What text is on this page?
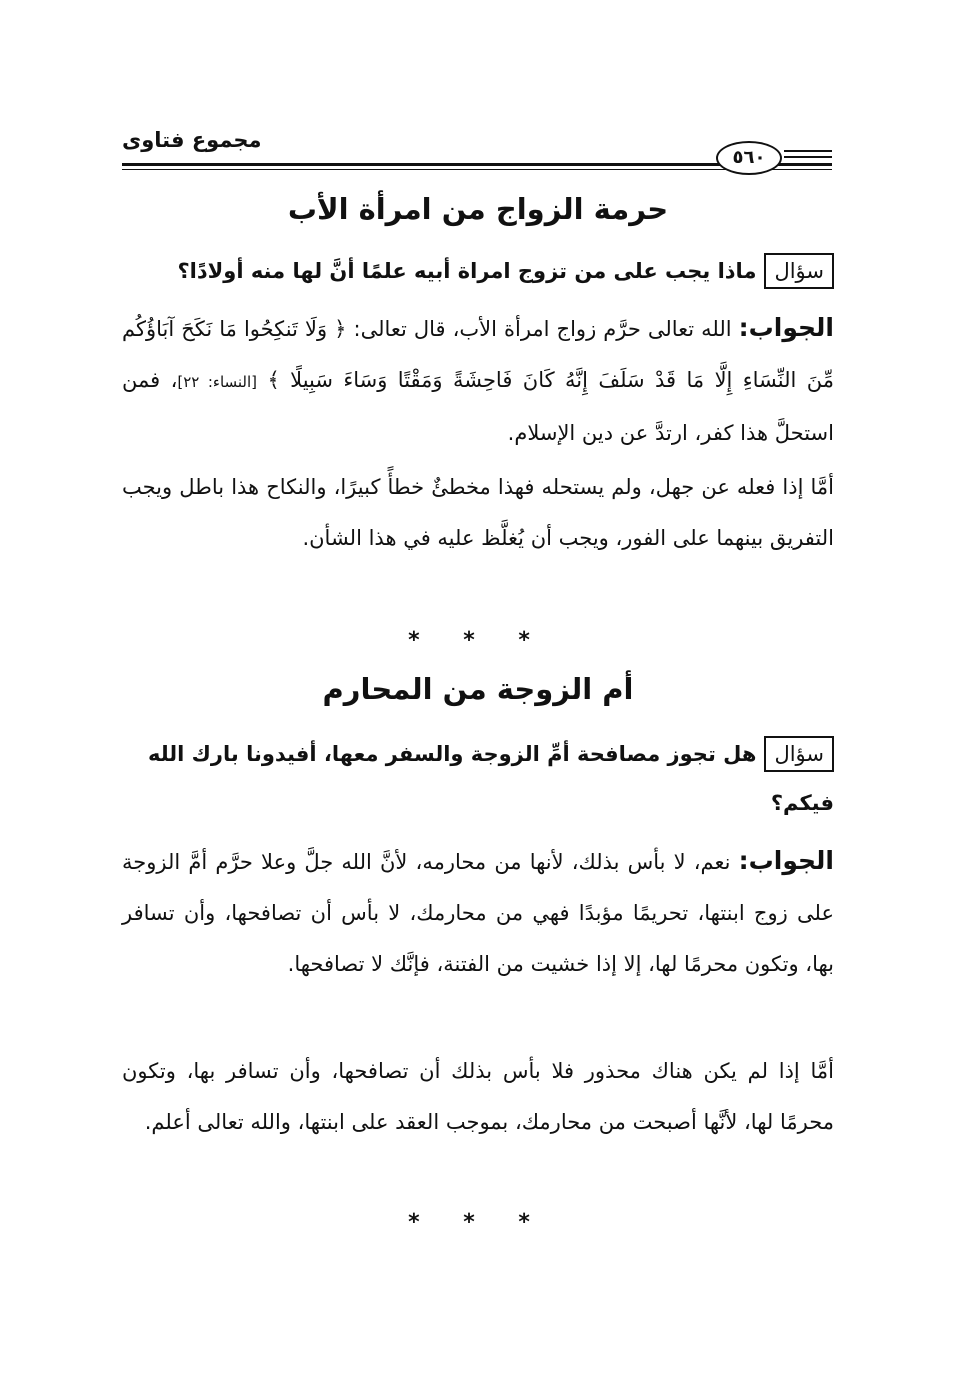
مجموع فتاوى
٥٦٠
حرمة الزواج من امرأة الأب
سؤالماذا يجب على من تزوج امراة أبيه علمًا أنَّ لها منه أولادًا؟

الجواب: الله تعالى حرَّم زواج امرأة الأب، قال تعالى: ﴿ وَلَا تَنكِحُوا مَا نَكَحَ آبَاؤُكُم مِّنَ النِّسَاءِ إِلَّا مَا قَدْ سَلَفَ إِنَّهُ كَانَ فَاحِشَةً وَمَقْتًا وَسَاءَ سَبِيلًا ﴾ [النساء: ٢٢]، فمن استحلَّ هذا كفر، ارتدَّ عن دين الإسلام.

أمَّا إذا فعله عن جهل، ولم يستحله فهذا مخطئٌ خطأً كبيرًا، والنكاح هذا باطل ويجب التفريق بينهما على الفور، ويجب أن يُغلَّظ عليه في هذا الشأن.

* * *
أم الزوجة من المحارم
سؤالهل تجوز مصافحة أمِّ الزوجة والسفر معها، أفيدونا بارك الله فيكم؟

الجواب: نعم، لا بأس بذلك، لأنها من محارمه، لأنَّ الله جلَّ وعلا حرَّم أمَّ الزوجة على زوج ابنتها، تحريمًا مؤبدًا فهي من محارمك، لا بأس أن تصافحها، وأن تسافر بها، وتكون محرمًا لها، إلا إذا خشيت من الفتنة، فإنَّك لا تصافحها.

أمَّا إذا لم يكن هناك محذور فلا بأس بذلك أن تصافحها، وأن تسافر بها، وتكون محرمًا لها، لأنَّها أصبحت من محارمك، بموجب العقد على ابنتها، والله تعالى أعلم.

* * *
